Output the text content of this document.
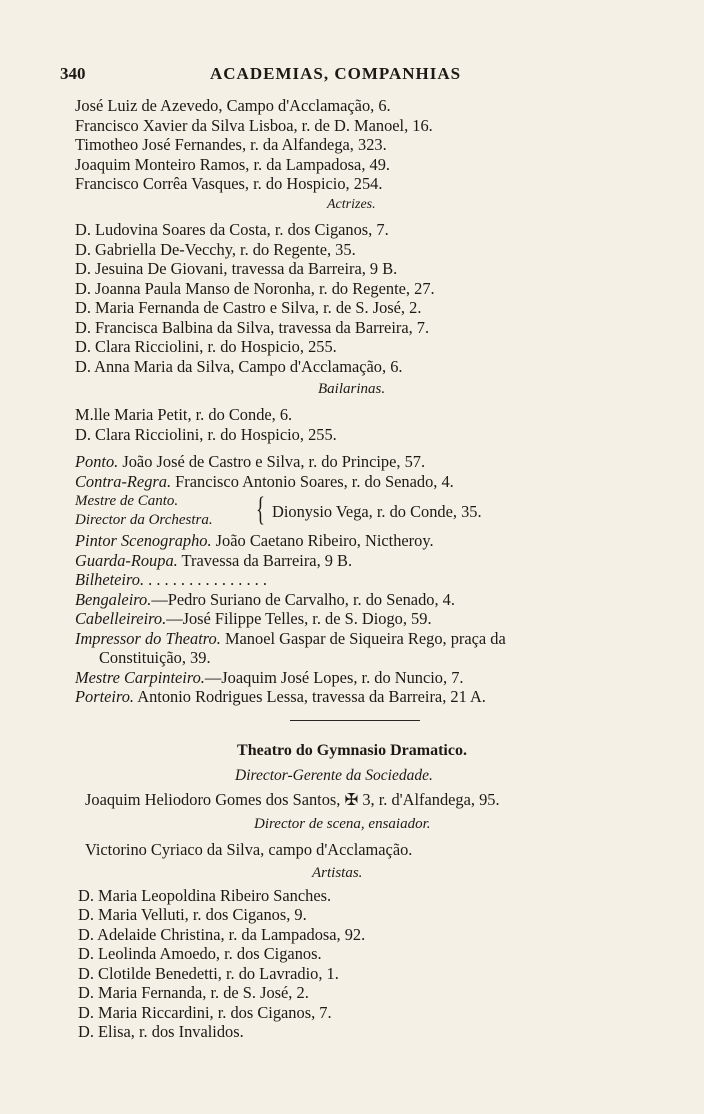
340	ACADEMIAS, COMPANHIAS
José Luiz de Azevedo, Campo d'Acclamação, 6.
Francisco Xavier da Silva Lisboa, r. de D. Manoel, 16.
Timotheo José Fernandes, r. da Alfandega, 323.
Joaquim Monteiro Ramos, r. da Lampadosa, 49.
Francisco Corrêa Vasques, r. do Hospicio, 254.
Actrizes.
D. Ludovina Soares da Costa, r. dos Ciganos, 7.
D. Gabriella De-Vecchy, r. do Regente, 35.
D. Jesuina De Giovani, travessa da Barreira, 9 B.
D. Joanna Paula Manso de Noronha, r. do Regente, 27.
D. Maria Fernanda de Castro e Silva, r. de S. José, 2.
D. Francisca Balbina da Silva, travessa da Barreira, 7.
D. Clara Ricciolini, r. do Hospicio, 255.
D. Anna Maria da Silva, Campo d'Acclamação, 6.
Bailarinas.
M.lle Maria Petit, r. do Conde, 6.
D. Clara Ricciolini, r. do Hospicio, 255.
Ponto. João José de Castro e Silva, r. do Principe, 57.
Contra-Regra. Francisco Antonio Soares, r. do Senado, 4.
Mestre de Canto.
Director da Orchestra.	{ Dionysio Vega, r. do Conde, 35.
Pintor Scenographo. João Caetano Ribeiro, Nictheroy.
Guarda-Roupa. Travessa da Barreira, 9 B.
Bilheteiro. . . . . . . . . . . . . . . .
Bengaleiro.—Pedro Suriano de Carvalho, r. do Senado, 4.
Cabelleireiro.—José Filippe Telles, r. de S. Diogo, 59.
Impressor do Theatro. Manoel Gaspar de Siqueira Rego, praça da
Constituição, 39.
Mestre Carpinteiro.—Joaquim José Lopes, r. do Nuncio, 7.
Porteiro. Antonio Rodrigues Lessa, travessa da Barreira, 21 A.
Theatro do Gymnasio Dramatico.
Director-Gerente da Sociedade.
Joaquim Heliodoro Gomes dos Santos, ✠ 3, r. d'Alfandega, 95.
Director de scena, ensaiador.
Victorino Cyriaco da Silva, campo d'Acclamação.
Artistas.
D. Maria Leopoldina Ribeiro Sanches.
D. Maria Velluti, r. dos Ciganos, 9.
D. Adelaide Christina, r. da Lampadosa, 92.
D. Leolinda Amoedo, r. dos Ciganos.
D. Clotilde Benedetti, r. do Lavradio, 1.
D. Maria Fernanda, r. de S. José, 2.
D. Maria Riccardini, r. dos Ciganos, 7.
D. Elisa, r. dos Invalidos.
